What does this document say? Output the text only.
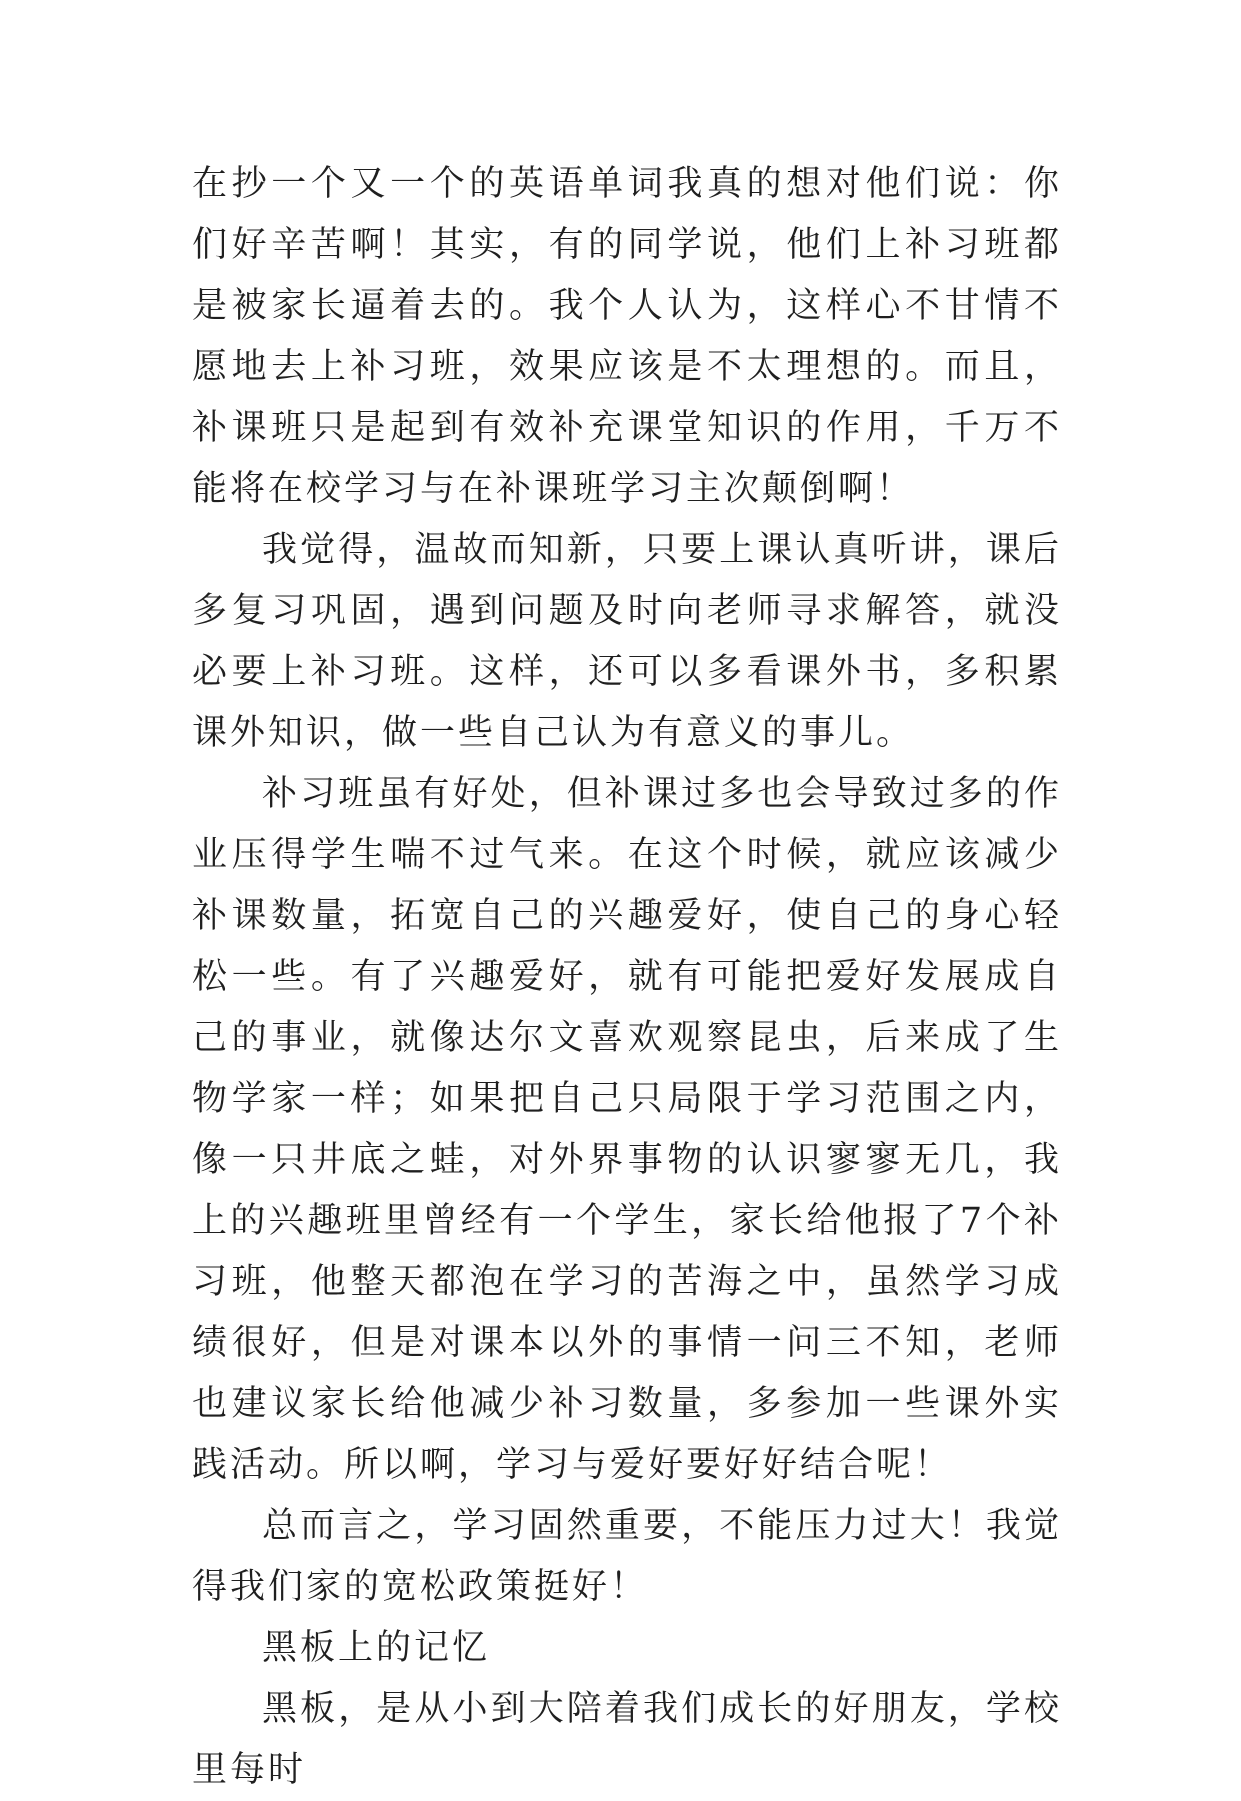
在抄一个又一个的英语单词我真的想对他们说：你们好辛苦啊！其实，有的同学说，他们上补习班都是被家长逼着去的。我个人认为，这样心不甘情不愿地去上补习班，效果应该是不太理想的。而且，补课班只是起到有效补充课堂知识的作用，千万不能将在校学习与在补课班学习主次颠倒啊！

我觉得，温故而知新，只要上课认真听讲，课后多复习巩固，遇到问题及时向老师寻求解答，就没必要上补习班。这样，还可以多看课外书，多积累课外知识，做一些自己认为有意义的事儿。

补习班虽有好处，但补课过多也会导致过多的作业压得学生喘不过气来。在这个时候，就应该减少补课数量，拓宽自己的兴趣爱好，使自己的身心轻松一些。有了兴趣爱好，就有可能把爱好发展成自己的事业，就像达尔文喜欢观察昆虫，后来成了生物学家一样；如果把自己只局限于学习范围之内，像一只井底之蛙，对外界事物的认识寥寥无几，我上的兴趣班里曾经有一个学生，家长给他报了7个补习班，他整天都泡在学习的苦海之中，虽然学习成绩很好，但是对课本以外的事情一问三不知，老师也建议家长给他减少补习数量，多参加一些课外实践活动。所以啊，学习与爱好要好好结合呢！

总而言之，学习固然重要，不能压力过大！我觉得我们家的宽松政策挺好！

黑板上的记忆

黑板，是从小到大陪着我们成长的好朋友，学校里每时
